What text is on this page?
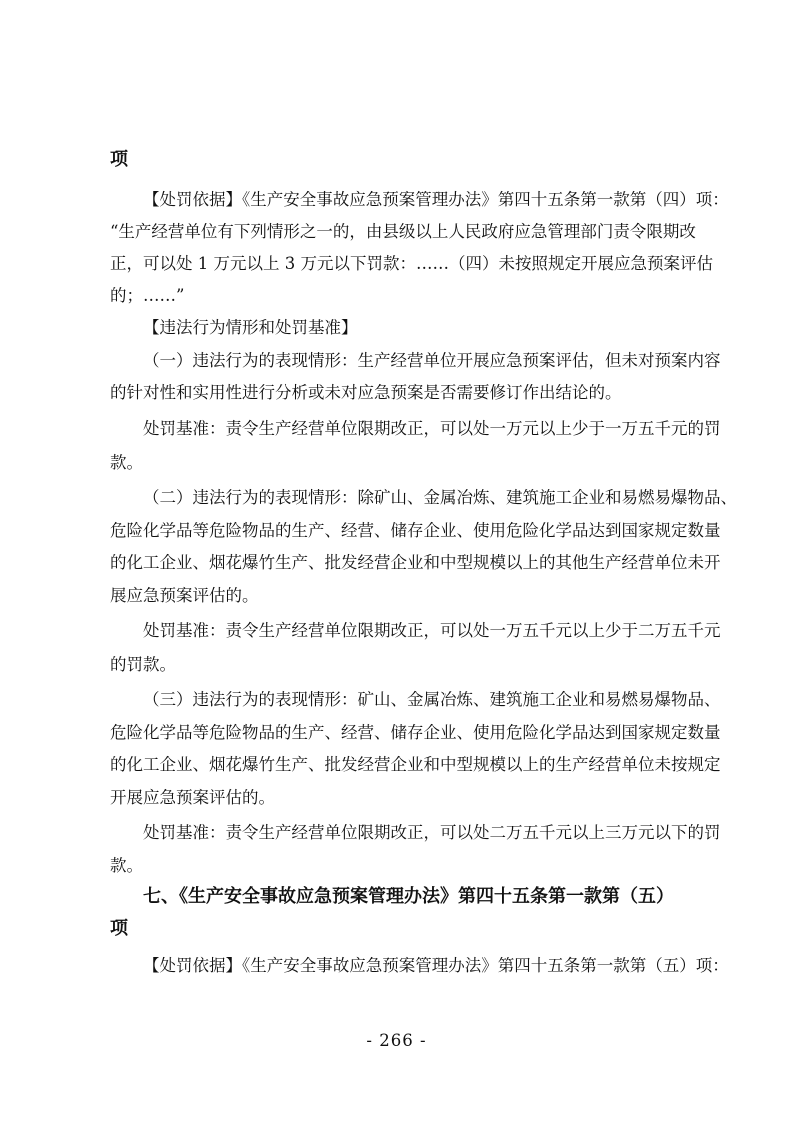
项
【处罚依据】《生产安全事故应急预案管理办法》第四十五条第一款第（四）项：
“生产经营单位有下列情形之一的，由县级以上人民政府应急管理部门责令限期改
正，可以处 1 万元以上 3 万元以下罚款：……（四）未按照规定开展应急预案评估
的；……”
【违法行为情形和处罚基准】
（一）违法行为的表现情形：生产经营单位开展应急预案评估，但未对预案内容
的针对性和实用性进行分析或未对应急预案是否需要修订作出结论的。
处罚基准：责令生产经营单位限期改正，可以处一万元以上少于一万五千元的罚
款。
（二）违法行为的表现情形：除矿山、金属冶炼、建筑施工企业和易燃易爆物品、
危险化学品等危险物品的生产、经营、储存企业、使用危险化学品达到国家规定数量
的化工企业、烟花爆竹生产、批发经营企业和中型规模以上的其他生产经营单位未开
展应急预案评估的。
处罚基准：责令生产经营单位限期改正，可以处一万五千元以上少于二万五千元
的罚款。
（三）违法行为的表现情形：矿山、金属冶炼、建筑施工企业和易燃易爆物品、
危险化学品等危险物品的生产、经营、储存企业、使用危险化学品达到国家规定数量
的化工企业、烟花爆竹生产、批发经营企业和中型规模以上的生产经营单位未按规定
开展应急预案评估的。
处罚基准：责令生产经营单位限期改正，可以处二万五千元以上三万元以下的罚
款。
七、《生产安全事故应急预案管理办法》第四十五条第一款第（五）
项
【处罚依据】《生产安全事故应急预案管理办法》第四十五条第一款第（五）项：
- 266 -
